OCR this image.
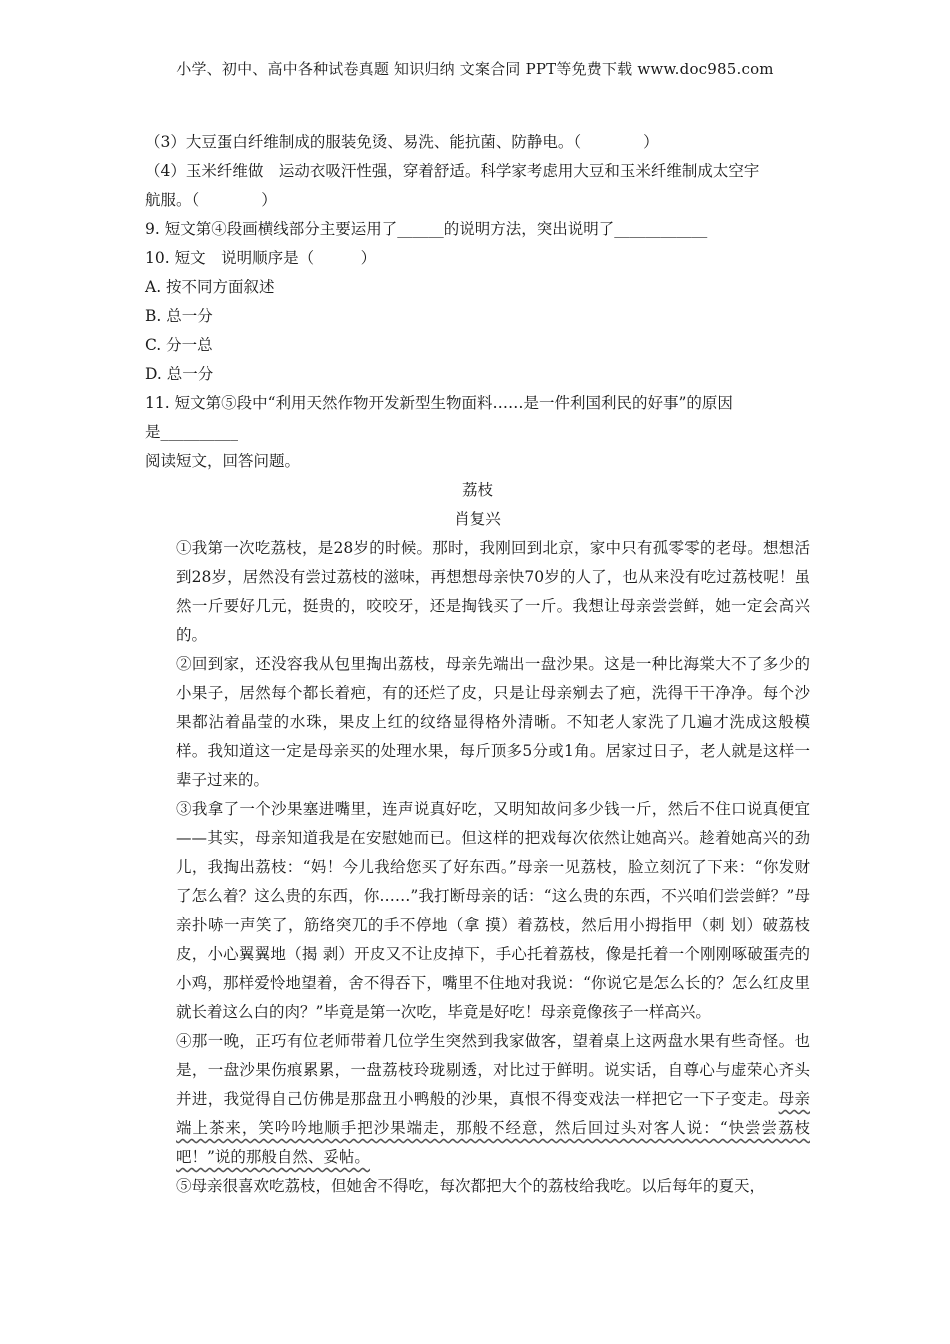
小学、初中、高中各种试卷真题 知识归纳 文案合同 PPT等免费下载 www.doc985.com
（3）大豆蛋白纤维制成的服装免烫、易洗、能抗菌、防静电。（　　　　）
（4）玉米纤维做　运动衣吸汗性强，穿着舒适。科学家考虑用大豆和玉米纤维制成太空宇
航服。（　　　　）
9. 短文第④段画横线部分主要运用了______的说明方法，突出说明了____________
10. 短文　说明顺序是（　　　）
A. 按不同方面叙述
B. 总一分
C. 分一总
D. 总一分
11. 短文第⑤段中“利用天然作物开发新型生物面料……是一件利国利民的好事”的原因
是__________
阅读短文，回答问题。
荔枝
肖复兴
①我第一次吃荔枝，是28岁的时候。那时，我刚回到北京，家中只有孤零零的老母。想想活到28岁，居然没有尝过荔枝的滋味，再想想母亲快70岁的人了，也从来没有吃过荔枝呢！虽然一斤要好几元，挺贵的，咬咬牙，还是掏钱买了一斤。我想让母亲尝尝鲜，她一定会高兴的。
②回到家，还没容我从包里掏出荔枝，母亲先端出一盘沙果。这是一种比海棠大不了多少的小果子，居然每个都长着疤，有的还烂了皮，只是让母亲剜去了疤，洗得干干净净。每个沙果都沾着晶莹的水珠，果皮上红的纹络显得格外清晰。不知老人家洗了几遍才洗成这般模样。我知道这一定是母亲买的处理水果，每斤顶多5分或1角。居家过日子，老人就是这样一辈子过来的。
③我拿了一个沙果塞进嘴里，连声说真好吃，又明知故问多少钱一斤，然后不住口说真便宜——其实，母亲知道我是在安慰她而已。但这样的把戏每次依然让她高兴。趁着她高兴的劲儿，我掏出荔枝：“妈！今儿我给您买了好东西。”母亲一见荔枝，脸立刻沉了下来：“你发财了怎么着？这么贵的东西，你……”我打断母亲的话：“这么贵的东西，不兴咱们尝尝鲜？”母亲扑哧一声笑了，筋络突兀的手不停地（拿 摸）着荔枝，然后用小拇指甲（刺 划）破荔枝皮，小心翼翼地（揭 剥）开皮又不让皮掉下，手心托着荔枝，像是托着一个刚刚啄破蛋壳的小鸡，那样爱怜地望着，舍不得吞下，嘴里不住地对我说：“你说它是怎么长的？怎么红皮里就长着这么白的肉？”毕竟是第一次吃，毕竟是好吃！母亲竟像孩子一样高兴。
④那一晚，正巧有位老师带着几位学生突然到我家做客，望着桌上这两盘水果有些奇怪。也是，一盘沙果伤痕累累，一盘荔枝玲珑剔透，对比过于鲜明。说实话，自尊心与虚荣心齐头并进，我觉得自己仿佛是那盘丑小鸭般的沙果，真恨不得变戏法一样把它一下子变走。母亲端上茶来，笑吟吟地顺手把沙果端走，那般不经意，然后回过头对客人说：“快尝尝荔枝吧！”说的那般自然、妥帖。
⑤母亲很喜欢吃荔枝，但她舍不得吃，每次都把大个的荔枝给我吃。以后每年的夏天，
